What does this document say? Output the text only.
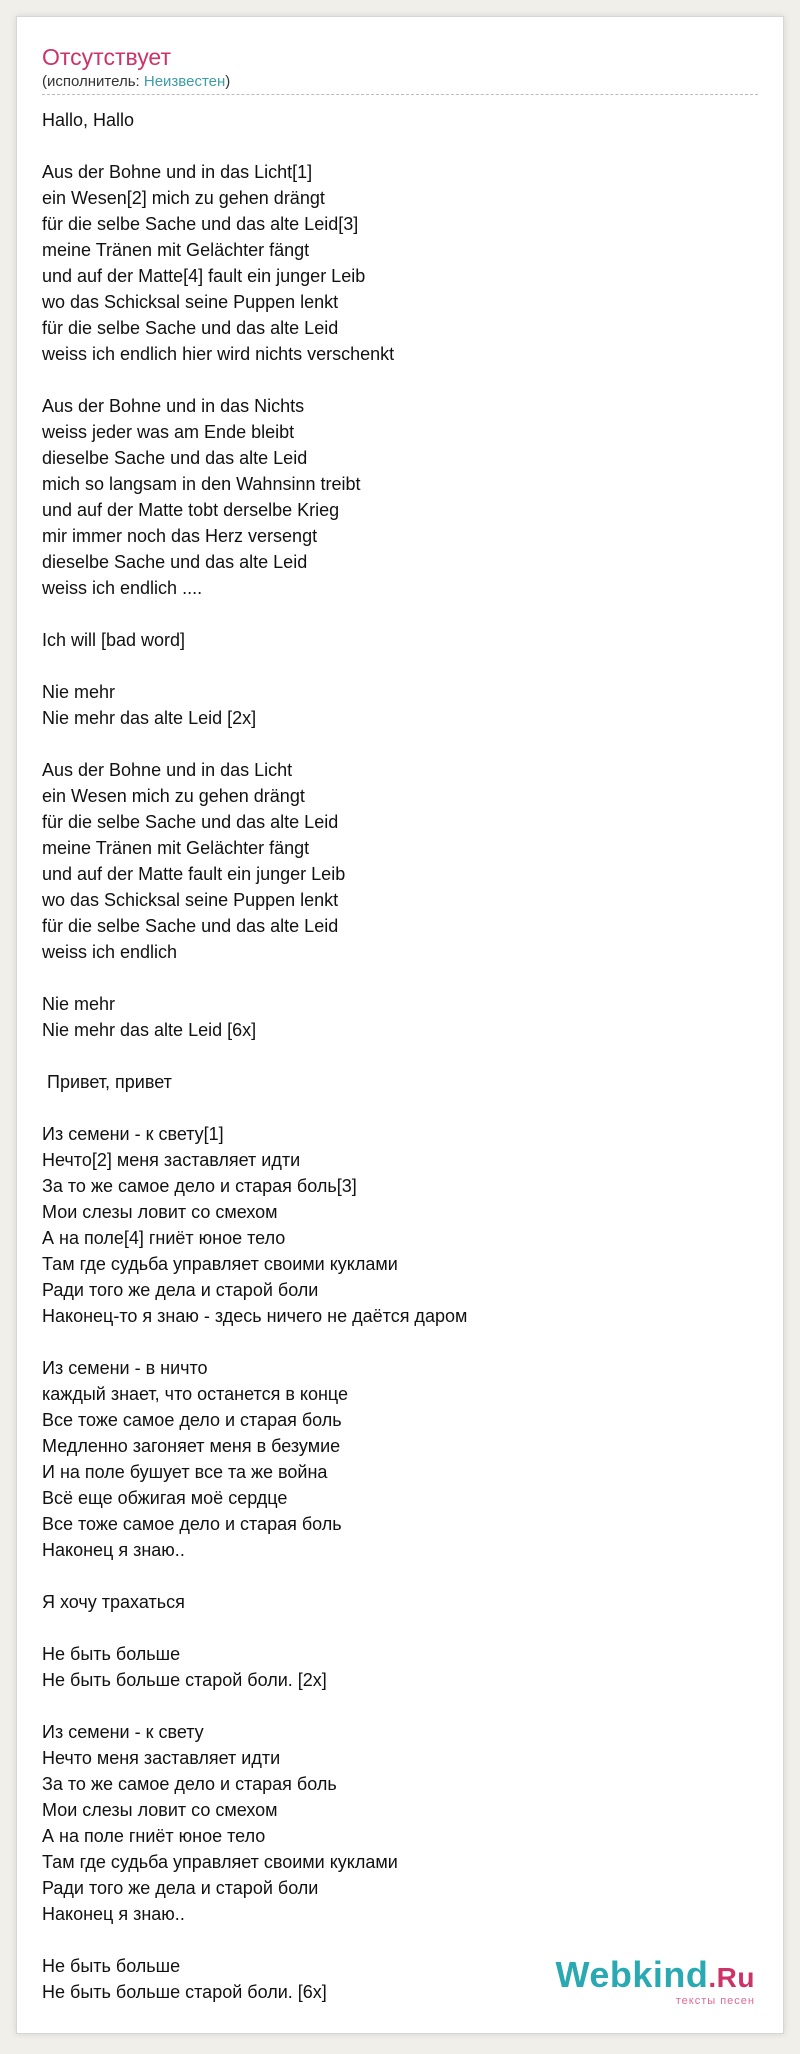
Отсутствует
(исполнитель: Неизвестен)
Hallo, Hallo
Aus der Bohne und in das Licht[1]
ein Wesen[2] mich zu gehen drängt
für die selbe Sache und das alte Leid[3]
meine Tränen mit Gelächter fängt
und auf der Matte[4] fault ein junger Leib
wo das Schicksal seine Puppen lenkt
für die selbe Sache und das alte Leid
weiss ich endlich hier wird nichts verschenkt
Aus der Bohne und in das Nichts
weiss jeder was am Ende bleibt
dieselbe Sache und das alte Leid
mich so langsam in den Wahnsinn treibt
und auf der Matte tobt derselbe Krieg
mir immer noch das Herz versengt
dieselbe Sache und das alte Leid
weiss ich endlich ....
Ich will [bad word]
Nie mehr
Nie mehr das alte Leid [2x]
Aus der Bohne und in das Licht
ein Wesen mich zu gehen drängt
für die selbe Sache und das alte Leid
meine Tränen mit Gelächter fängt
und auf der Matte fault ein junger Leib
wo das Schicksal seine Puppen lenkt
für die selbe Sache und das alte Leid
weiss ich endlich
Nie mehr
Nie mehr das alte Leid [6x]
Привет, привет
Из семени - к свету[1]
Нечто[2] меня заставляет идти
За то же самое дело и старая боль[3]
Мои слезы ловит со смехом
А на поле[4] гниёт юное тело
Там где судьба управляет своими куклами
Ради того же дела и старой боли
Наконец-то я знаю - здесь ничего не даётся даром
Из семени - в ничто
каждый знает, что останется в конце
Все тоже самое дело и старая боль
Медленно загоняет меня в безумие
И на поле бушует все та же война
Всё еще обжигая моё сердце
Все тоже самое дело и старая боль
Наконец я знаю..
Я хочу трахаться
Не быть больше
Не быть больше старой боли. [2x]
Из семени - к свету
Нечто меня заставляет идти
За то же самое дело и старая боль
Мои слезы ловит со смехом
А на поле гниёт юное тело
Там где судьба управляет своими куклами
Ради того же дела и старой боли
Наконец я знаю..
Не быть больше
Не быть больше старой боли. [6x]	Webkind.Ru
тексты песен
